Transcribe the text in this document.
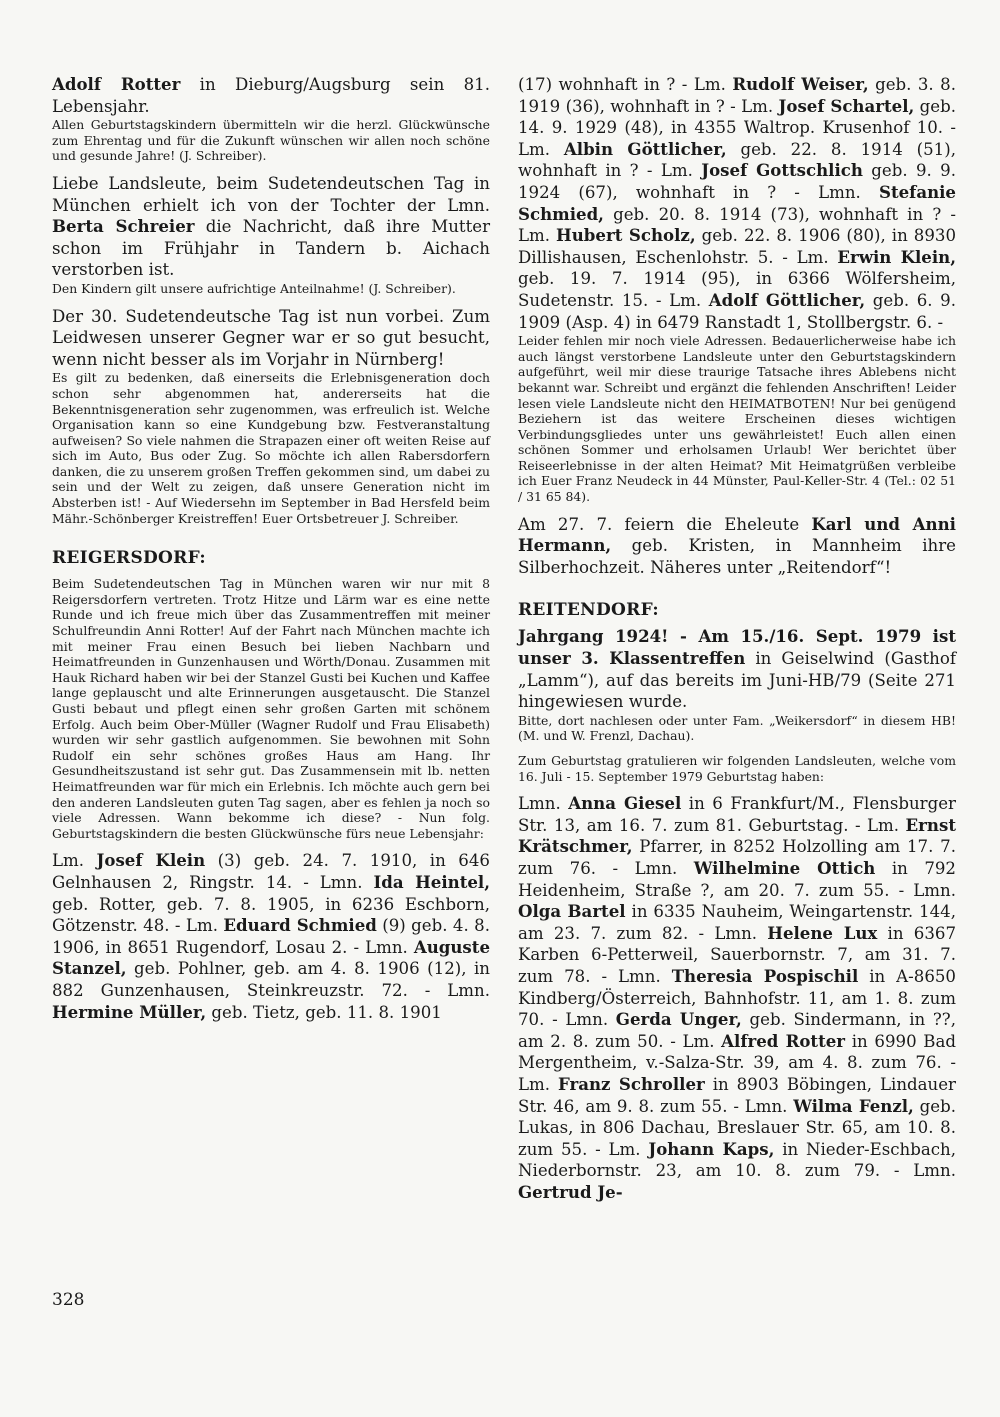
Adolf Rotter in Dieburg/Augsburg sein 81. Lebensjahr.

Allen Geburtstagskindern übermitteln wir die herzl. Glückwünsche zum Ehrentag und für die Zukunft wünschen wir allen noch schöne und gesunde Jahre! (J. Schreiber).

Liebe Landsleute, beim Sudetendeutschen Tag in München erhielt ich von der Tochter der Lmn. Berta Schreier die Nachricht, daß ihre Mutter schon im Frühjahr in Tandern b. Aichach verstorben ist.

Den Kindern gilt unsere aufrichtige Anteilnahme! (J. Schreiber).

Der 30. Sudetendeutsche Tag ist nun vorbei. Zum Leidwesen unserer Gegner war er so gut besucht, wenn nicht besser als im Vorjahr in Nürnberg!

Es gilt zu bedenken, daß einerseits die Erlebnisgeneration doch schon sehr abgenommen hat, andererseits hat die Bekenntnisgeneration sehr zugenommen, was erfreulich ist. Welche Organisation kann so eine Kundgebung bzw. Festveranstaltung aufweisen? So viele nahmen die Strapazen einer oft weiten Reise auf sich im Auto, Bus oder Zug. So möchte ich allen Rabersdorfern danken, die zu unserem großen Treffen gekommen sind, um dabei zu sein und der Welt zu zeigen, daß unsere Generation nicht im Absterben ist! - Auf Wiedersehn im September in Bad Hersfeld beim Mähr.-Schönberger Kreistreffen! Euer Ortsbetreuer J. Schreiber.

REIGERSDORF:

Beim Sudetendeutschen Tag in München waren wir nur mit 8 Reigersdorfern vertreten. Trotz Hitze und Lärm war es eine nette Runde und ich freue mich über das Zusammentreffen mit meiner Schulfreundin Anni Rotter! Auf der Fahrt nach München machte ich mit meiner Frau einen Besuch bei lieben Nachbarn und Heimatfreunden in Gunzenhausen und Wörth/Donau. Zusammen mit Hauk Richard haben wir bei der Stanzel Gusti bei Kuchen und Kaffee lange geplauscht und alte Erinnerungen ausgetauscht. Die Stanzel Gusti bebaut und pflegt einen sehr großen Garten mit schönem Erfolg. Auch beim Ober-Müller (Wagner Rudolf und Frau Elisabeth) wurden wir sehr gastlich aufgenommen. Sie bewohnen mit Sohn Rudolf ein sehr schönes großes Haus am Hang. Ihr Gesundheitszustand ist sehr gut. Das Zusammensein mit lb. netten Heimatfreunden war für mich ein Erlebnis. Ich möchte auch gern bei den anderen Landsleuten guten Tag sagen, aber es fehlen ja noch so viele Adressen. Wann bekomme ich diese? - Nun folg. Geburtstagskindern die besten Glückwünsche fürs neue Lebensjahr:

Lm. Josef Klein (3) geb. 24. 7. 1910, in 646 Gelnhausen 2, Ringstr. 14. - Lmn. Ida Heintel, geb. Rotter, geb. 7. 8. 1905, in 6236 Eschborn, Götzenstr. 48. - Lm. Eduard Schmied (9) geb. 4. 8. 1906, in 8651 Rugendorf, Losau 2. - Lmn. Auguste Stanzel, geb. Pohlner, geb. am 4. 8. 1906 (12), in 882 Gunzenhausen, Steinkreuzstr. 72. - Lmn. Hermine Müller, geb. Tietz, geb. 11. 8. 1901

(17) wohnhaft in ? - Lm. Rudolf Weiser, geb. 3. 8. 1919 (36), wohnhaft in ? - Lm. Josef Schartel, geb. 14. 9. 1929 (48), in 4355 Waltrop. Krusenhof 10. - Lm. Albin Göttlicher, geb. 22. 8. 1914 (51), wohnhaft in ? - Lm. Josef Gottschlich geb. 9. 9. 1924 (67), wohnhaft in ? - Lmn. Stefanie Schmied, geb. 20. 8. 1914 (73), wohnhaft in ? - Lm. Hubert Scholz, geb. 22. 8. 1906 (80), in 8930 Dillishausen, Eschenlohstr. 5. - Lm. Erwin Klein, geb. 19. 7. 1914 (95), in 6366 Wölfersheim, Sudetenstr. 15. - Lm. Adolf Göttlicher, geb. 6. 9. 1909 (Asp. 4) in 6479 Ranstadt 1, Stollbergstr. 6. -

Leider fehlen mir noch viele Adressen. Bedauerlicherweise habe ich auch längst verstorbene Landsleute unter den Geburtstagskindern aufgeführt, weil mir diese traurige Tatsache ihres Ablebens nicht bekannt war. Schreibt und ergänzt die fehlenden Anschriften! Leider lesen viele Landsleute nicht den HEIMATBOTEN! Nur bei genügend Beziehern ist das weitere Erscheinen dieses wichtigen Verbindungsgliedes unter uns gewährleistet! Euch allen einen schönen Sommer und erholsamen Urlaub! Wer berichtet über Reiseerlebnisse in der alten Heimat? Mit Heimatgrüßen verbleibe ich Euer Franz Neudeck in 44 Münster, Paul-Keller-Str. 4 (Tel.: 02 51 / 31 65 84).

Am 27. 7. feiern die Eheleute Karl und Anni Hermann, geb. Kristen, in Mannheim ihre Silberhochzeit. Näheres unter „Reitendorf“!

REITENDORF:

Jahrgang 1924! - Am 15./16. Sept. 1979 ist unser 3. Klassentreffen in Geiselwind (Gasthof „Lamm“), auf das bereits im Juni-HB/79 (Seite 271 hingewiesen wurde.

Bitte, dort nachlesen oder unter Fam. „Weikersdorf“ in diesem HB! (M. und W. Frenzl, Dachau).

Zum Geburtstag gratulieren wir folgenden Landsleuten, welche vom 16. Juli - 15. September 1979 Geburtstag haben:

Lmn. Anna Giesel in 6 Frankfurt/M., Flensburger Str. 13, am 16. 7. zum 81. Geburtstag. - Lm. Ernst Krätschmer, Pfarrer, in 8252 Holzolling am 17. 7. zum 76. - Lmn. Wilhelmine Ottich in 792 Heidenheim, Straße ?, am 20. 7. zum 55. - Lmn. Olga Bartel in 6335 Nauheim, Weingartenstr. 144, am 23. 7. zum 82. - Lmn. Helene Lux in 6367 Karben 6-Petterweil, Sauerbornstr. 7, am 31. 7. zum 78. - Lmn. Theresia Pospischil in A-8650 Kindberg/Österreich, Bahnhofstr. 11, am 1. 8. zum 70. - Lmn. Gerda Unger, geb. Sindermann, in ??, am 2. 8. zum 50. - Lm. Alfred Rotter in 6990 Bad Mergentheim, v.-Salza-Str. 39, am 4. 8. zum 76. - Lm. Franz Schroller in 8903 Böbingen, Lindauer Str. 46, am 9. 8. zum 55. - Lmn. Wilma Fenzl, geb. Lukas, in 806 Dachau, Breslauer Str. 65, am 10. 8. zum 55. - Lm. Johann Kaps, in Nieder-Eschbach, Niederbornstr. 23, am 10. 8. zum 79. - Lmn. Gertrud Je-

328
